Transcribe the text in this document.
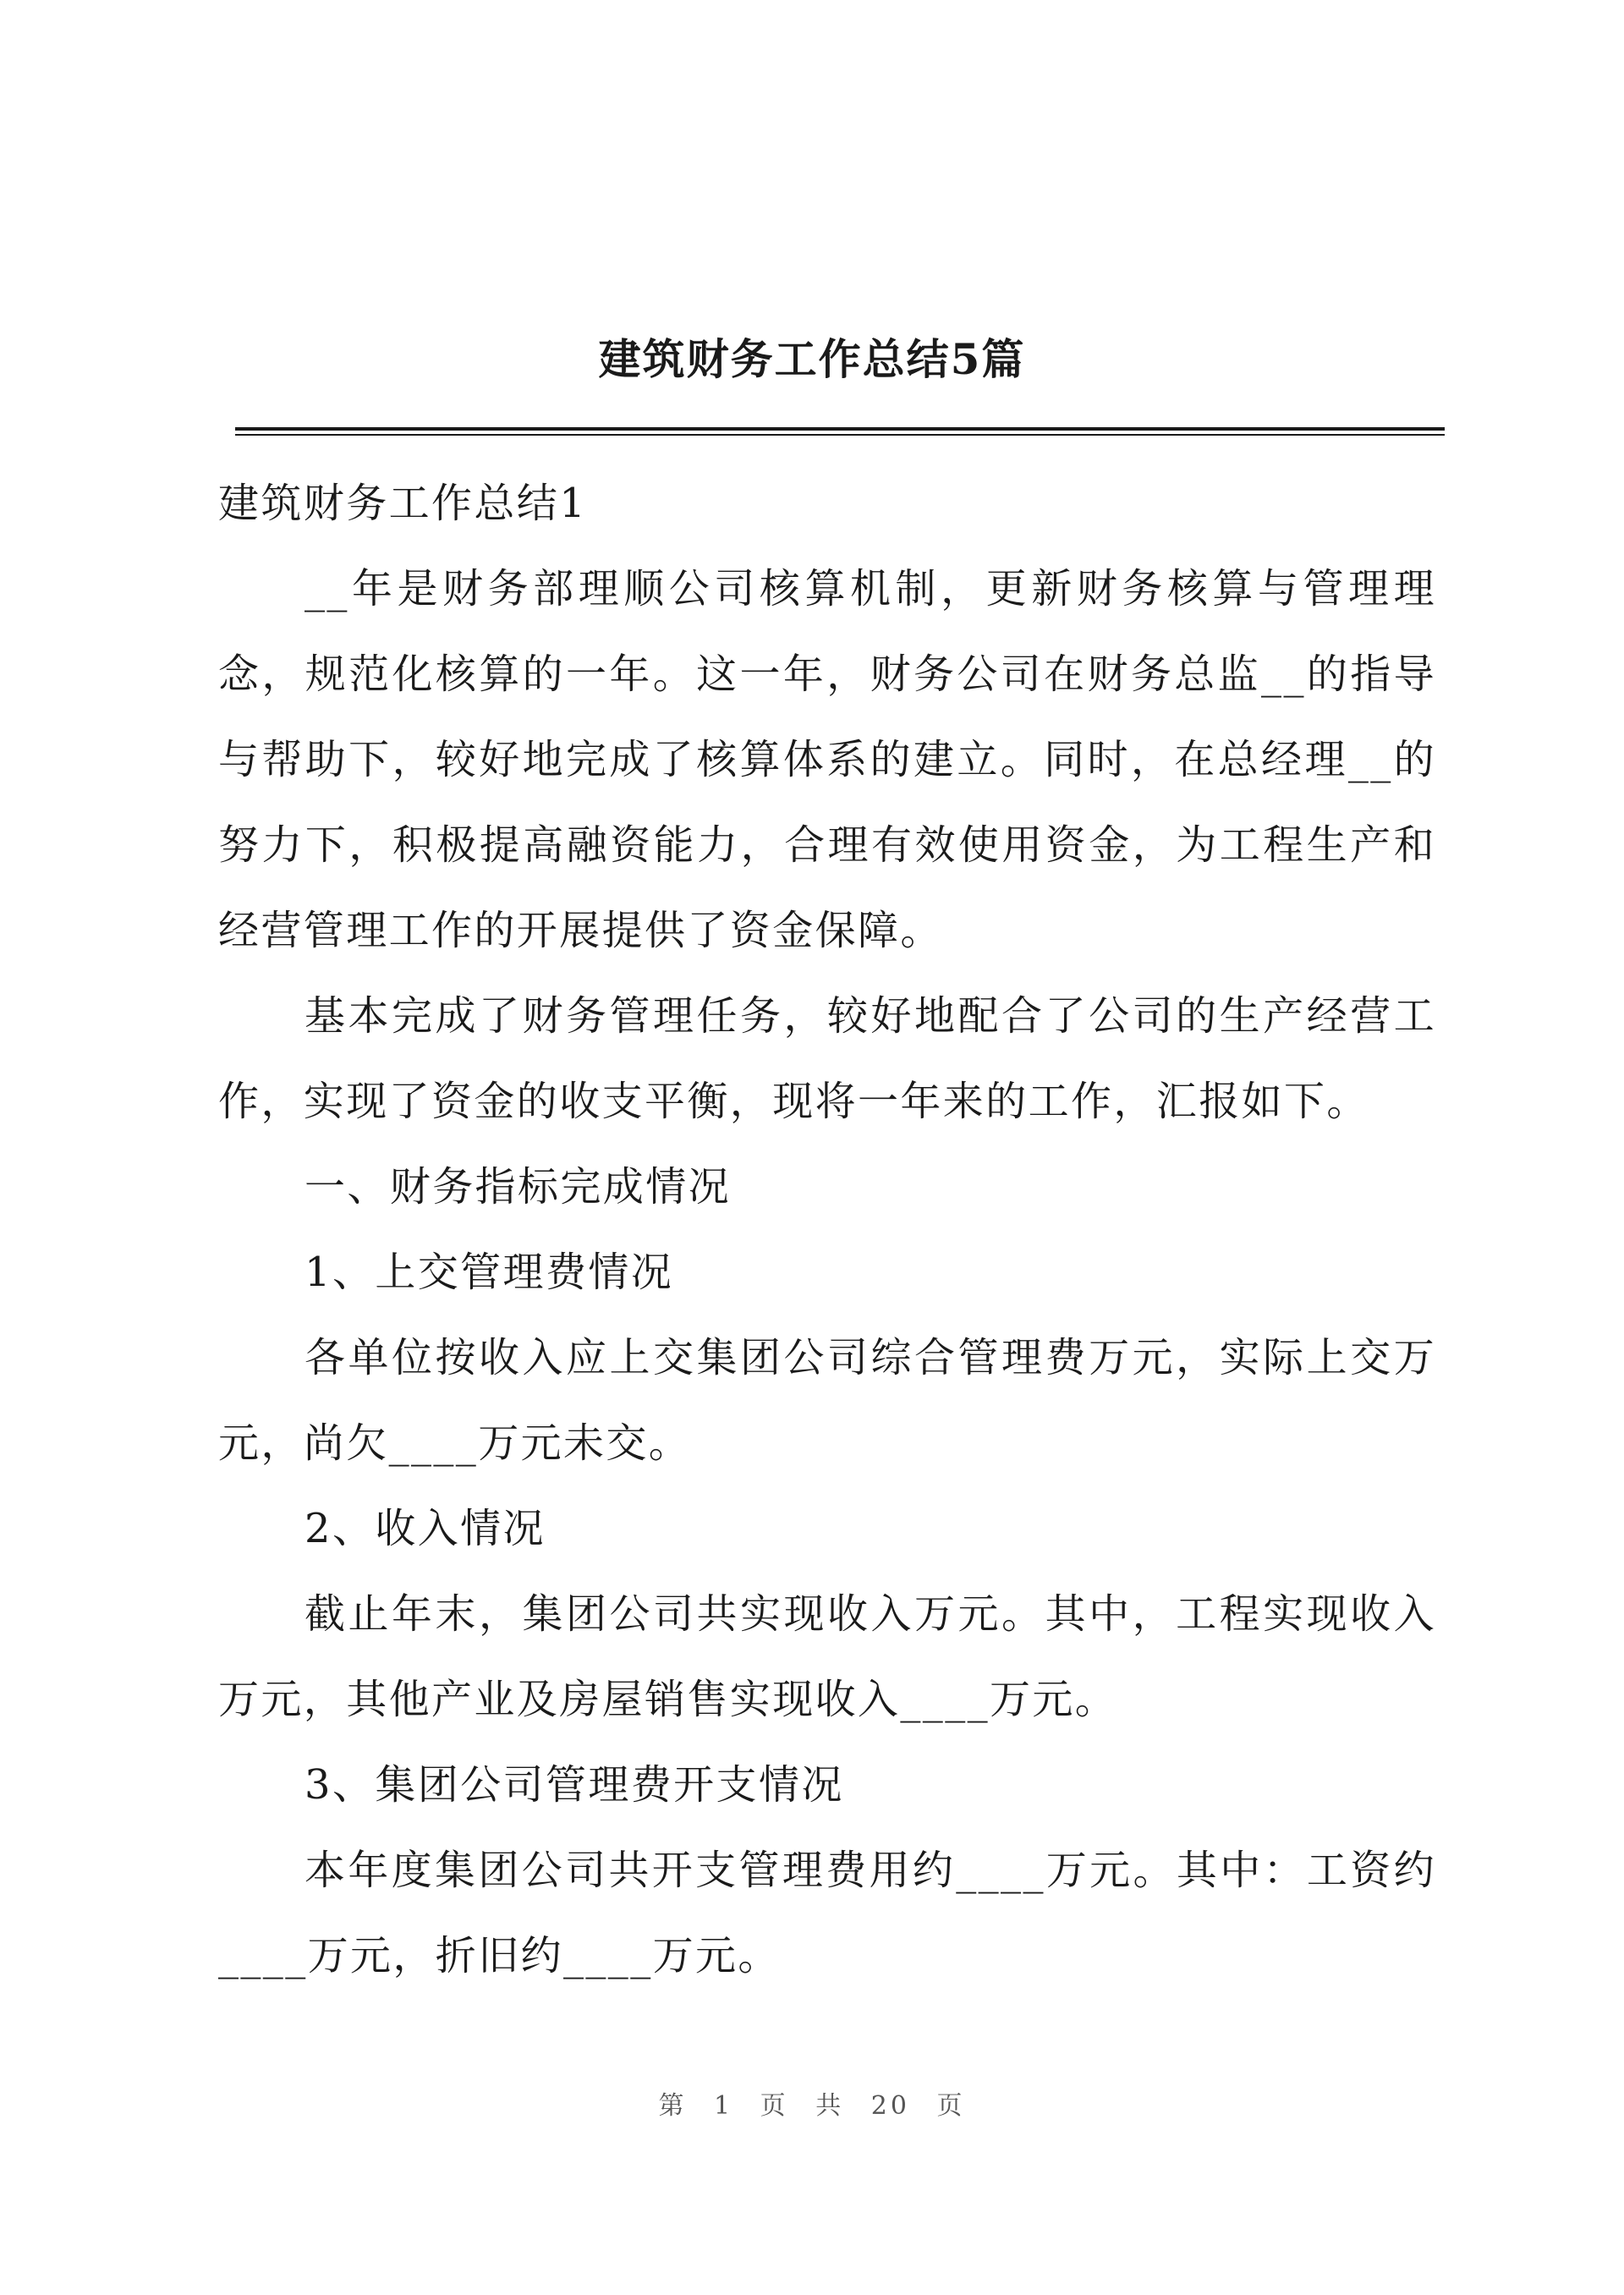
建筑财务工作总结5篇

建筑财务工作总结1

__年是财务部理顺公司核算机制，更新财务核算与管理理念，规范化核算的一年。这一年，财务公司在财务总监__的指导与帮助下，较好地完成了核算体系的建立。同时，在总经理__的努力下，积极提高融资能力，合理有效使用资金，为工程生产和经营管理工作的开展提供了资金保障。

基本完成了财务管理任务，较好地配合了公司的生产经营工作，实现了资金的收支平衡，现将一年来的工作，汇报如下。

一、财务指标完成情况

1、上交管理费情况

各单位按收入应上交集团公司综合管理费万元，实际上交万元，尚欠____万元未交。

2、收入情况

截止年末，集团公司共实现收入万元。其中，工程实现收入万元，其他产业及房屋销售实现收入____万元。

3、集团公司管理费开支情况

本年度集团公司共开支管理费用约____万元。其中：工资约____万元，折旧约____万元。

第 1 页 共 20 页
